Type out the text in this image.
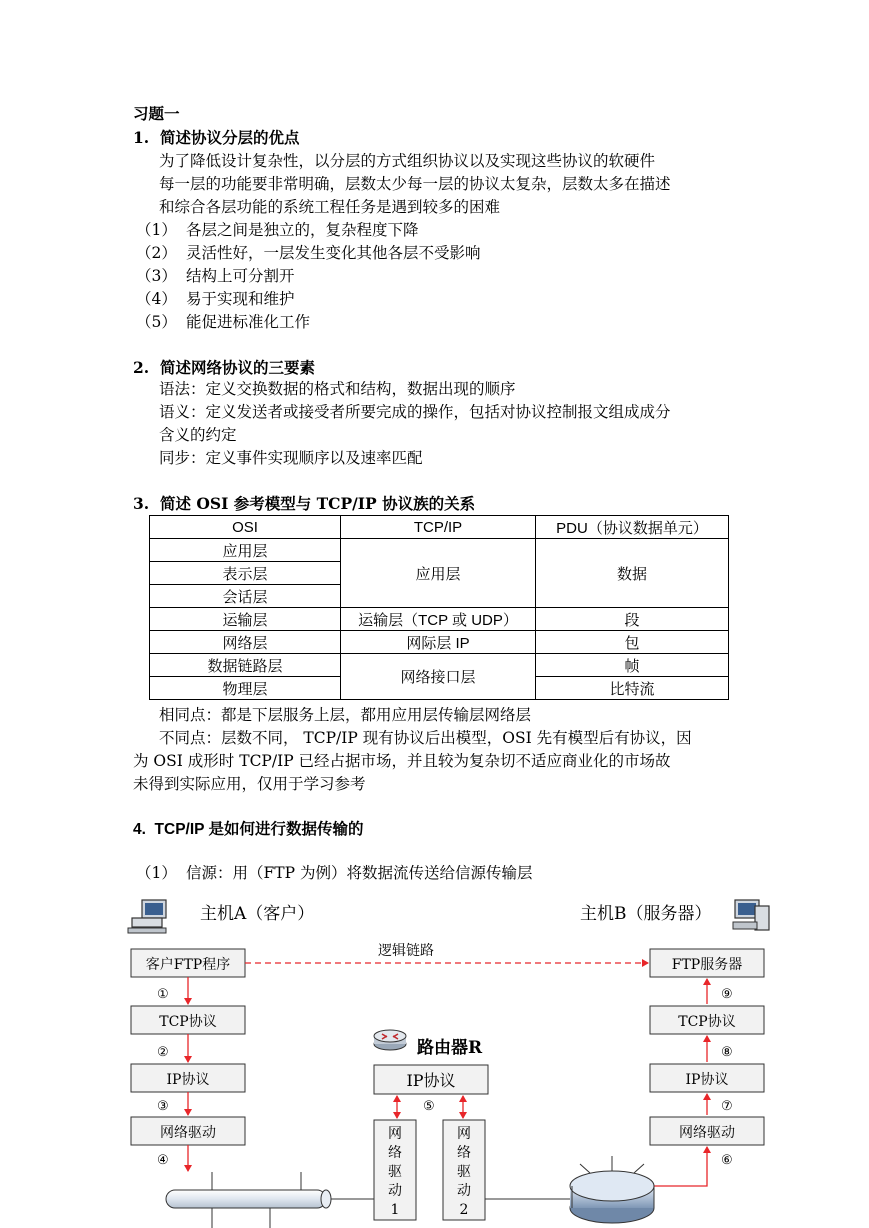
习题一
1.  简述协议分层的优点
为了降低设计复杂性，以分层的方式组织协议以及实现这些协议的软硬件
每一层的功能要非常明确，层数太少每一层的协议太复杂，层数太多在描述
和综合各层功能的系统工程任务是遇到较多的困难
（1） 各层之间是独立的，复杂程度下降
（2） 灵活性好，一层发生变化其他各层不受影响
（3） 结构上可分割开
（4） 易于实现和维护
（5） 能促进标准化工作
2.  简述网络协议的三要素
语法：定义交换数据的格式和结构，数据出现的顺序
语义：定义发送者或接受者所要完成的操作，包括对协议控制报文组成成分
含义的约定
同步：定义事件实现顺序以及速率匹配
3.  简述 OSI 参考模型与 TCP/IP 协议族的关系
OSI	TCP/IP	PDU（协议数据单元）
应用层	应用层	数据
表示层		
会话层		
运输层	运输层（TCP 或 UDP）	段
网络层	网际层 IP	包
数据链路层	网络接口层	帧
物理层		比特流
相同点：都是下层服务上层，都用应用层传输层网络层
不同点：层数不同， TCP/IP 现有协议后出模型，OSI 先有模型后有协议，因
为 OSI 成形时 TCP/IP 已经占据市场，并且较为复杂切不适应商业化的市场故
未得到实际应用，仅用于学习参考
4.  TCP/IP 是如何进行数据传输的
（1） 信源：用（FTP 为例）将数据流传送给信源传输层
主机A（客户）	主机B（服务器）
客户FTP程序
TCP协议
IP协议
网络驱动
①
②
③
④
逻辑链路
FTP服务器
TCP协议
IP协议
网络驱动
⑨
⑧
⑦
⑥
路由器R
IP协议
⑤
网
络
驱
动
1
网
络
驱
动
2
